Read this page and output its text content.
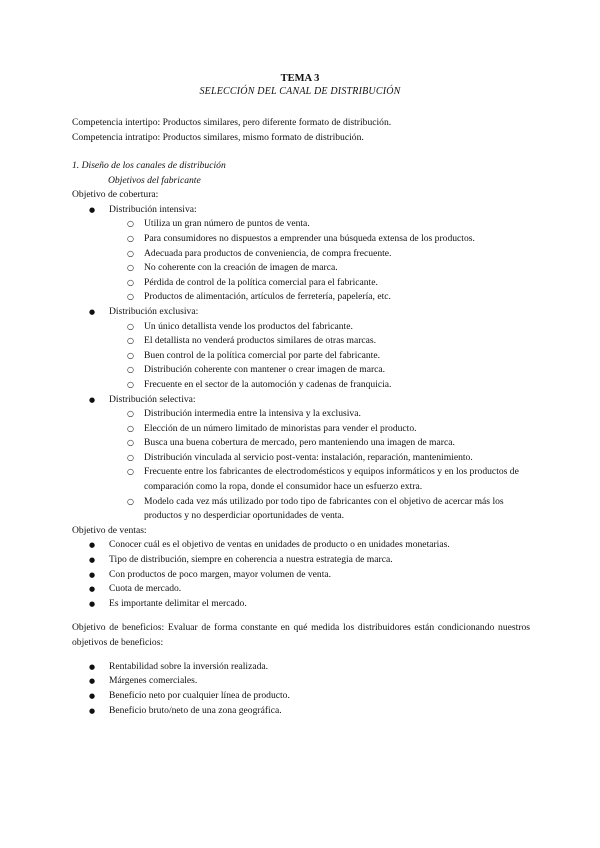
TEMA 3
SELECCIÓN DEL CANAL DE DISTRIBUCIÓN

Competencia intertipo: Productos similares, pero diferente formato de distribución.

Competencia intratipo: Productos similares, mismo formato de distribución.

1. Diseño de los canales de distribución

Objetivos del fabricante

Objetivo de cobertura:

● Distribución intensiva:
○ Utiliza un gran número de puntos de venta.
○ Para consumidores no dispuestos a emprender una búsqueda extensa de los productos.
○ Adecuada para productos de conveniencia, de compra frecuente.
○ No coherente con la creación de imagen de marca.
○ Pérdida de control de la política comercial para el fabricante.
○ Productos de alimentación, artículos de ferretería, papelería, etc.
● Distribución exclusiva:
○ Un único detallista vende los productos del fabricante.
○ El detallista no venderá productos similares de otras marcas.
○ Buen control de la política comercial por parte del fabricante.
○ Distribución coherente con mantener o crear imagen de marca.
○ Frecuente en el sector de la automoción y cadenas de franquicia.
● Distribución selectiva:
○ Distribución intermedia entre la intensiva y la exclusiva.
○ Elección de un número limitado de minoristas para vender el producto.
○ Busca una buena cobertura de mercado, pero manteniendo una imagen de marca.
○ Distribución vinculada al servicio post-venta: instalación, reparación, mantenimiento.
○ Frecuente entre los fabricantes de electrodomésticos y equipos informáticos y en los productos de comparación como la ropa, donde el consumidor hace un esfuerzo extra.
○ Modelo cada vez más utilizado por todo tipo de fabricantes con el objetivo de acercar más los productos y no desperdiciar oportunidades de venta.

Objetivo de ventas:

● Conocer cuál es el objetivo de ventas en unidades de producto o en unidades monetarias.
● Tipo de distribución, siempre en coherencia a nuestra estrategia de marca.
● Con productos de poco margen, mayor volumen de venta.
● Cuota de mercado.
● Es importante delimitar el mercado.

Objetivo de beneficios: Evaluar de forma constante en qué medida los distribuidores están condicionando nuestros objetivos de beneficios:

● Rentabilidad sobre la inversión realizada.
● Márgenes comerciales.
● Beneficio neto por cualquier línea de producto.
● Beneficio bruto/neto de una zona geográfica.
